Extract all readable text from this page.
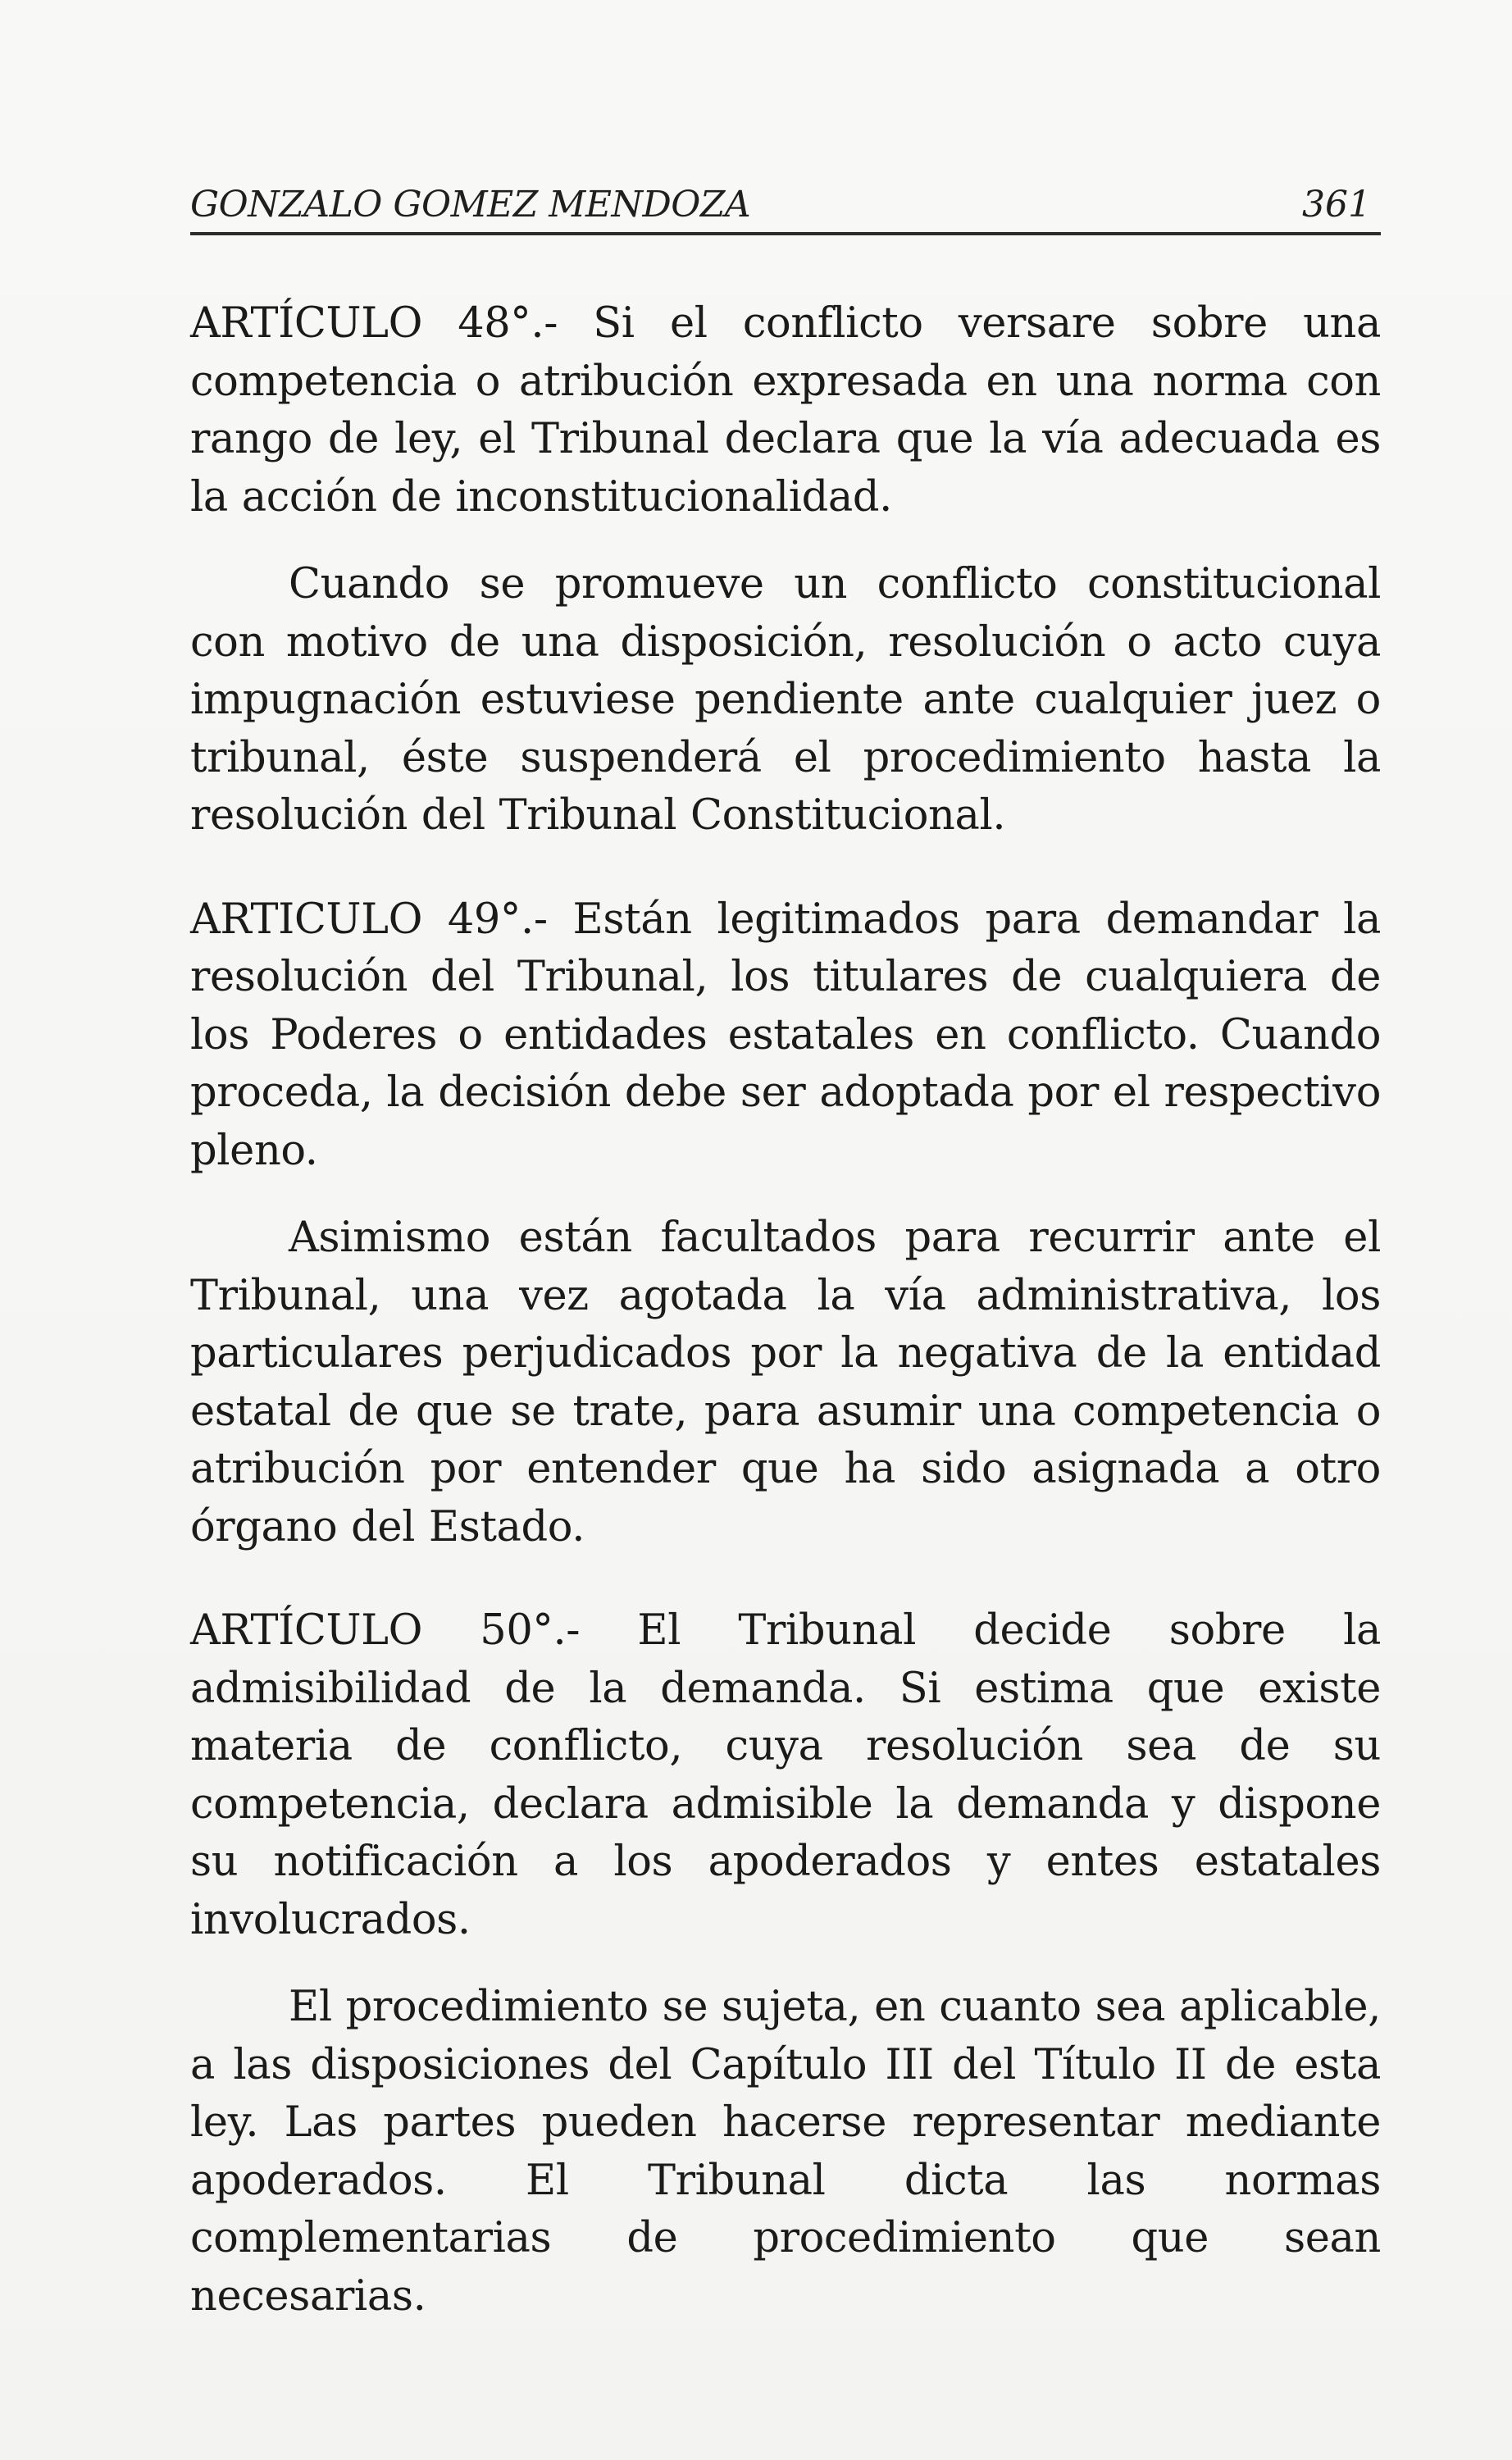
GONZALO GOMEZ MENDOZA	361

ARTÍCULO 48°.- Si el conflicto versare sobre una competencia o atribución expresada en una norma con rango de ley, el Tribunal declara que la vía adecuada es la acción de inconstitucionalidad.

Cuando se promueve un conflicto constitucional con motivo de una disposición, resolución o acto cuya impugnación estuviese pendiente ante cualquier juez o tribunal, éste suspenderá el procedimiento hasta la resolución del Tribunal Constitucional.

ARTICULO 49°.- Están legitimados para demandar la resolución del Tribunal, los titulares de cualquiera de los Poderes o entidades estatales en conflicto. Cuando proceda, la decisión debe ser adoptada por el respectivo pleno.

Asimismo están facultados para recurrir ante el Tribunal, una vez agotada la vía administrativa, los particulares perjudicados por la negativa de la entidad estatal de que se trate, para asumir una competencia o atribución por entender que ha sido asignada a otro órgano del Estado.

ARTÍCULO 50°.- El Tribunal decide sobre la admisibilidad de la demanda. Si estima que existe materia de conflicto, cuya resolución sea de su competencia, declara admisible la demanda y dispone su notificación a los apoderados y entes estatales involucrados.

El procedimiento se sujeta, en cuanto sea aplicable, a las disposiciones del Capítulo III del Título II de esta ley. Las partes pueden hacerse representar mediante apoderados. El Tribunal dicta las normas complementarias de procedimiento que sean necesarias.
